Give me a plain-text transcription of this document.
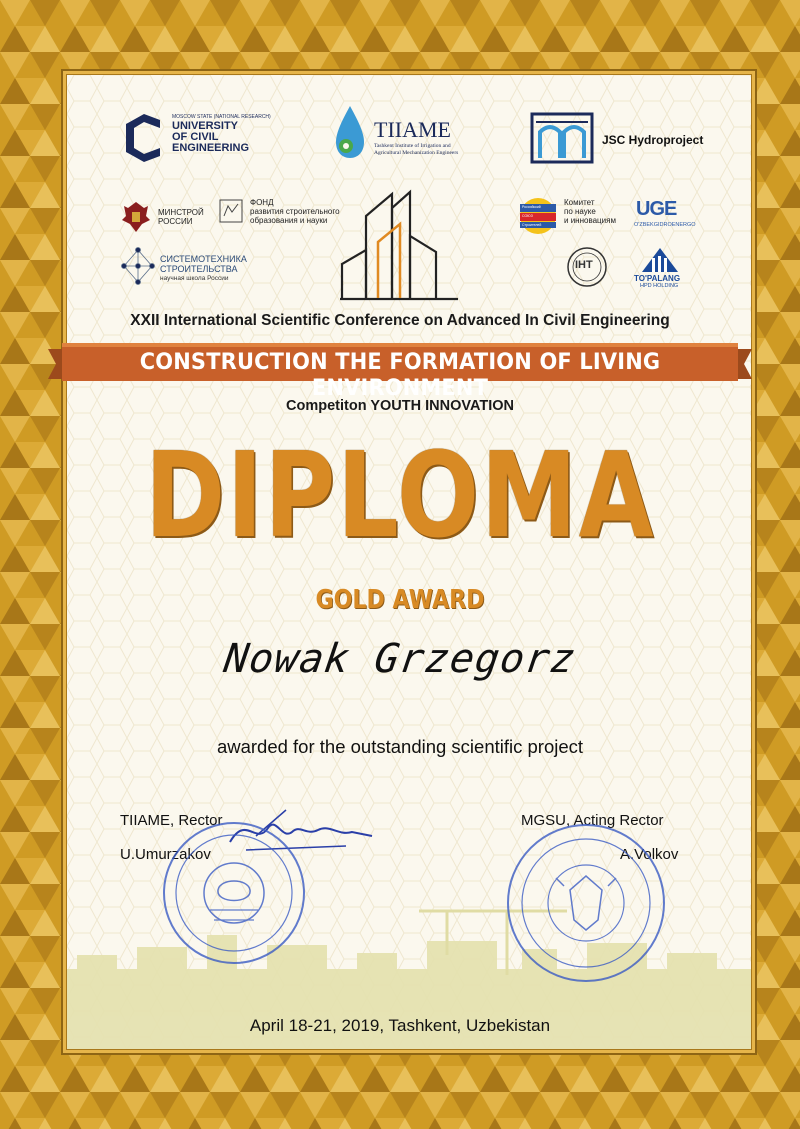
MOSCOW STATE (NATIONAL RESEARCH)
UNIVERSITY
OF CIVIL
ENGINEERING
TIIAME
Tashkent Institute of Irrigation and
Agricultural Mechanization Engineers
JSC Hydroproject
МИНСТРОЙ
РОССИИ
ФОНД
развития строительного
образования и науки
СИСТЕМОТЕХНИКА
СТРОИТЕЛЬСТВА
научная школа России
Российский
СОЮЗ
Строителей
Комитет
по науке
и инновациям
UGE
O'ZBEKGIDROENERGO
IHT
TO'PALANG
HPD HOLDING
XXII International Scientific Conference on Advanced In Civil Engineering
CONSTRUCTION THE FORMATION OF LIVING ENVIRONMENT
Competiton YOUTH INNOVATION
DIPLOMA
GOLD AWARD
Nowak Grzegorz
awarded for the outstanding scientific project
TIIAME, Rector
U.Umurzakov
MGSU, Acting Rector
A.Volkov
April 18-21, 2019, Tashkent, Uzbekistan
